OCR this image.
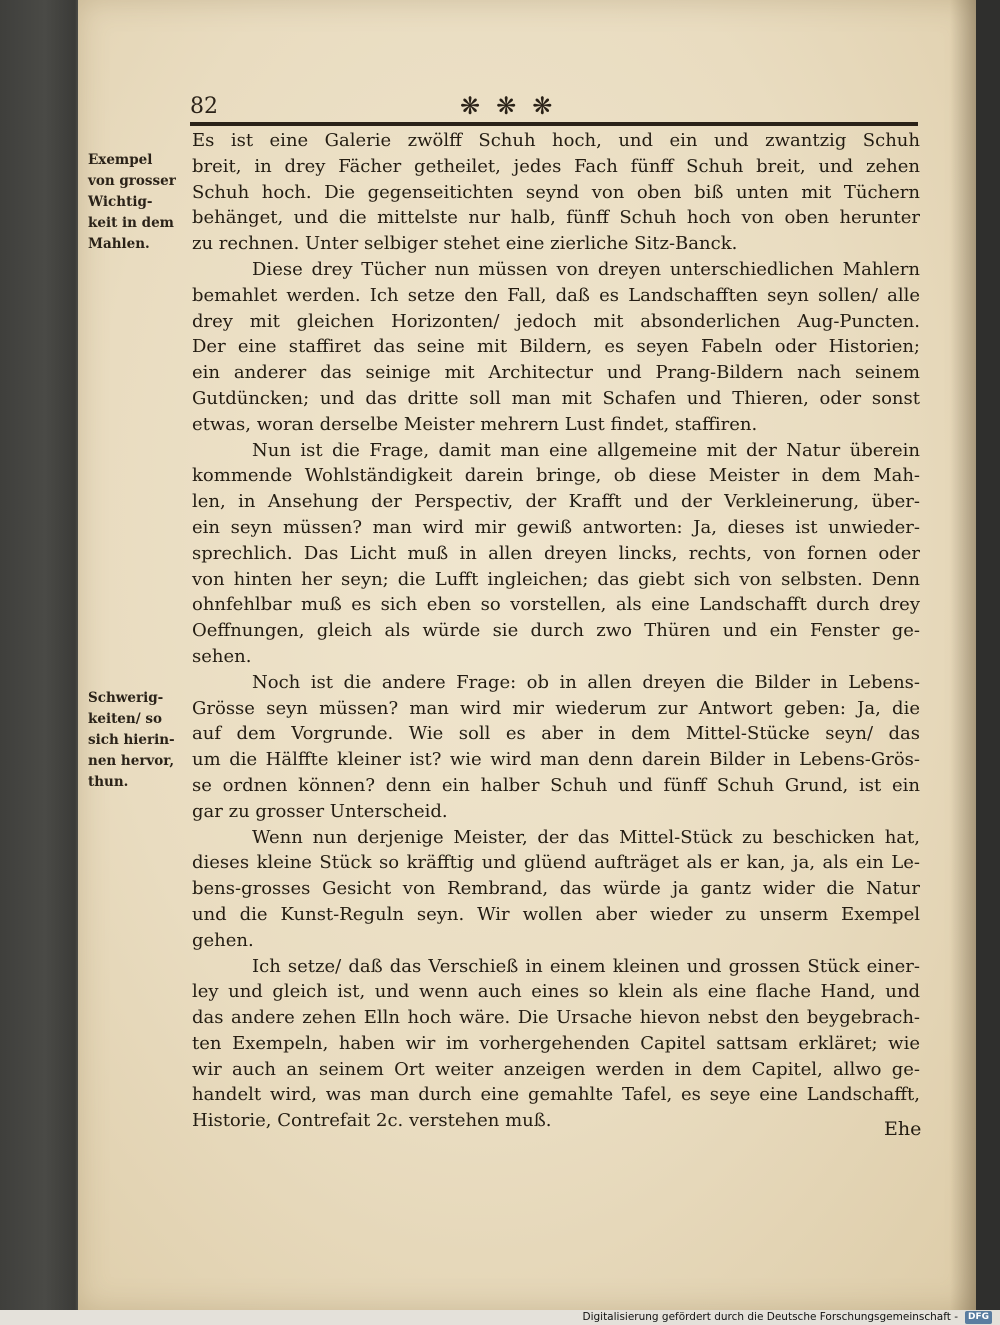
82	❋❋❋

Exempel
von grosser
Wichtig-
keit in dem
Mahlen.

Schwerig-
keiten/ so
sich hierin-
nen hervor,
thun.

Es ist eine Galerie zwölff Schuh hoch, und ein und zwantzig Schuh
breit, in drey Fächer getheilet, jedes Fach fünff Schuh breit, und zehen
Schuh hoch. Die gegenseitichten seynd von oben biß unten mit Tüchern
behänget, und die mittelste nur halb, fünff Schuh hoch von oben herunter
zu rechnen. Unter selbiger stehet eine zierliche Sitz-Banck.
Diese drey Tücher nun müssen von dreyen unterschiedlichen Mahlern
bemahlet werden. Ich setze den Fall, daß es Landschafften seyn sollen/ alle
drey mit gleichen Horizonten/ jedoch mit absonderlichen Aug-Puncten.
Der eine staffiret das seine mit Bildern, es seyen Fabeln oder Historien;
ein anderer das seinige mit Architectur und Prang-Bildern nach seinem
Gutdüncken; und das dritte soll man mit Schafen und Thieren, oder sonst
etwas, woran derselbe Meister mehrern Lust findet, staffiren.
Nun ist die Frage, damit man eine allgemeine mit der Natur überein
kommende Wohlständigkeit darein bringe, ob diese Meister in dem Mah-
len, in Ansehung der Perspectiv, der Krafft und der Verkleinerung, über-
ein seyn müssen? man wird mir gewiß antworten: Ja, dieses ist unwieder-
sprechlich. Das Licht muß in allen dreyen lincks, rechts, von fornen oder
von hinten her seyn; die Lufft ingleichen; das giebt sich von selbsten. Denn
ohnfehlbar muß es sich eben so vorstellen, als eine Landschafft durch drey
Oeffnungen, gleich als würde sie durch zwo Thüren und ein Fenster ge-
sehen.
Noch ist die andere Frage: ob in allen dreyen die Bilder in Lebens-
Grösse seyn müssen? man wird mir wiederum zur Antwort geben: Ja, die
auf dem Vorgrunde. Wie soll es aber in dem Mittel-Stücke seyn/ das
um die Hälffte kleiner ist? wie wird man denn darein Bilder in Lebens-Grös-
se ordnen können? denn ein halber Schuh und fünff Schuh Grund, ist ein
gar zu grosser Unterscheid.
Wenn nun derjenige Meister, der das Mittel-Stück zu beschicken hat,
dieses kleine Stück so kräfftig und glüend aufträget als er kan, ja, als ein Le-
bens-grosses Gesicht von Rembrand, das würde ja gantz wider die Natur
und die Kunst-Reguln seyn. Wir wollen aber wieder zu unserm Exempel
gehen.
Ich setze/ daß das Verschieß in einem kleinen und grossen Stück einer-
ley und gleich ist, und wenn auch eines so klein als eine flache Hand, und
das andere zehen Elln hoch wäre. Die Ursache hievon nebst den beygebrach-
ten Exempeln, haben wir im vorhergehenden Capitel sattsam erkläret; wie
wir auch an seinem Ort weiter anzeigen werden in dem Capitel, allwo ge-
handelt wird, was man durch eine gemahlte Tafel, es seye eine Landschafft,
Historie, Contrefait 2c. verstehen muß.	Ehe
Digitalisierung gefördert durch die Deutsche Forschungsgemeinschaft -	DFG
